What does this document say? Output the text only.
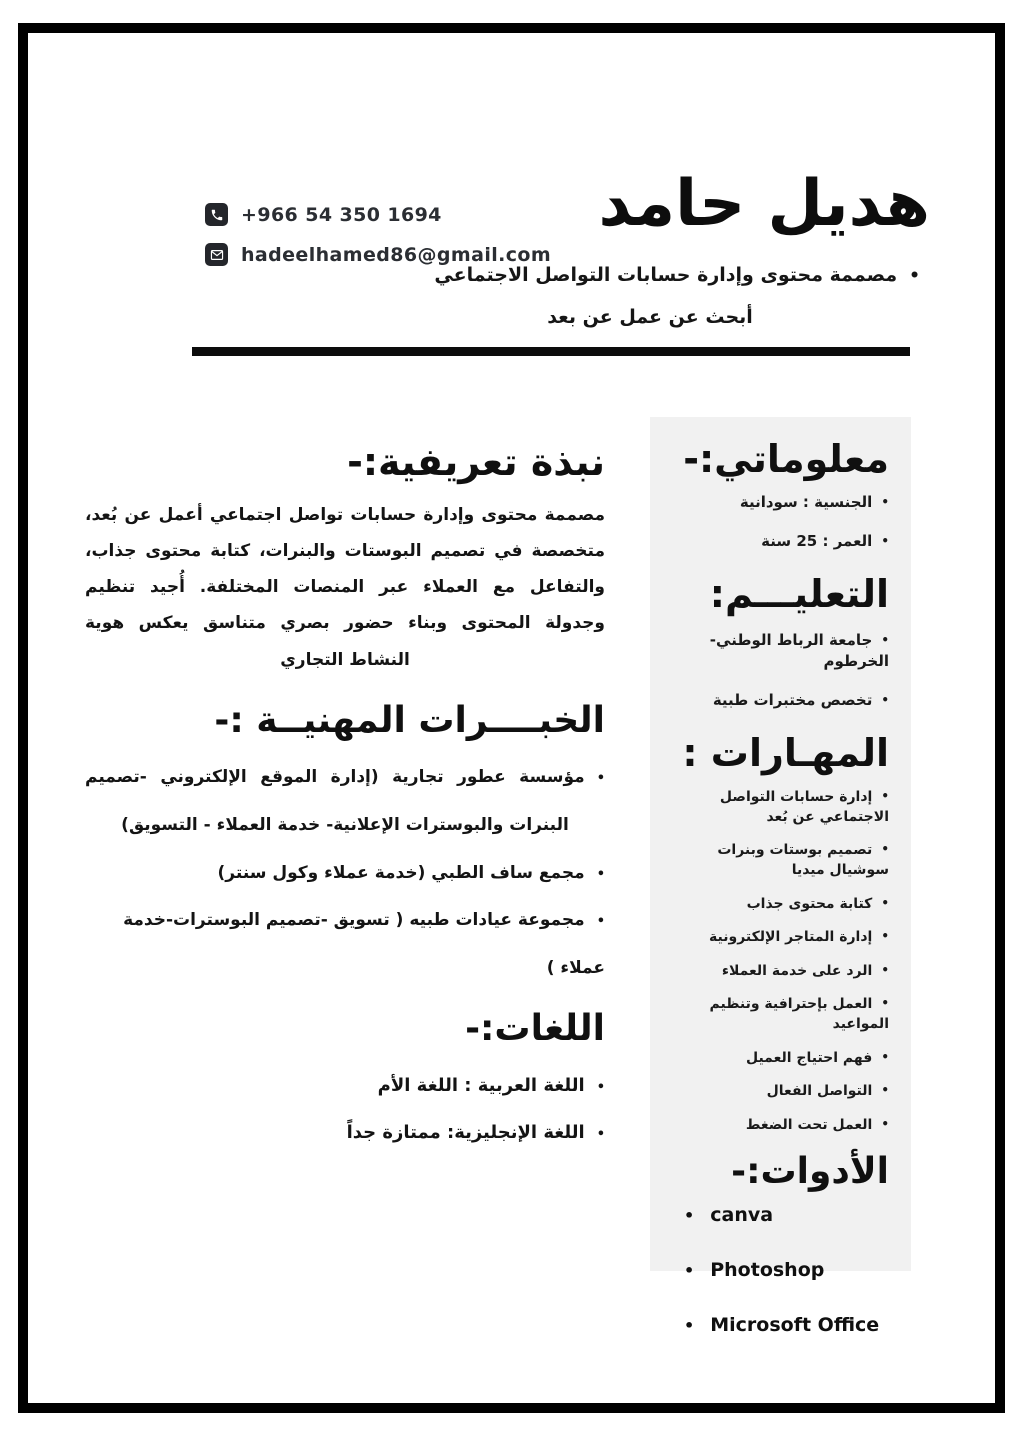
+966 54 350 1694
hadeelhamed86@gmail.com
هديل حامد
•مصممة محتوى وإدارة حسابات التواصل الاجتماعي
أبحث عن عمل عن بعد
معلوماتي:-
• الجنسية : سودانية
• العمر : 25 سنة
التعليـــم:
• جامعة الرباط الوطني-الخرطوم
• تخصص مختبرات طبية
المهـارات :
• إدارة حسابات التواصل الاجتماعي عن بُعد
• تصميم بوستات وبنرات سوشيال ميديا
• كتابة محتوى جذاب
• إدارة المتاجر الإلكترونية
• الرد على خدمة العملاء
• العمل بإحترافية وتنظيم المواعيد
• فهم احتياج العميل
• التواصل الفعال
• العمل تحت الضغط
الأدوات:-
• canva
• Photoshop
• Microsoft Office
نبذة تعريفية:-

مصممة محتوى وإدارة حسابات تواصل اجتماعي أعمل عن بُعد، متخصصة في تصميم البوستات والبنرات، كتابة محتوى جذاب، والتفاعل مع العملاء عبر المنصات المختلفة. أُجيد تنظيم وجدولة المحتوى وبناء حضور بصري متناسق يعكس هوية النشاط التجاري

الخبــــرات المهنيــة :-
• مؤسسة عطور تجارية (إدارة الموقع الإلكتروني -تصميم البنرات والبوسترات الإعلانية- خدمة العملاء - التسويق)
• مجمع ساف الطبي (خدمة عملاء وكول سنتر)
• مجموعة عيادات طبيه ( تسويق -تصميم البوسترات-خدمة عملاء )
اللغات:-
• اللغة العربية : اللغة الأم
• اللغة الإنجليزية: ممتازة جداً
